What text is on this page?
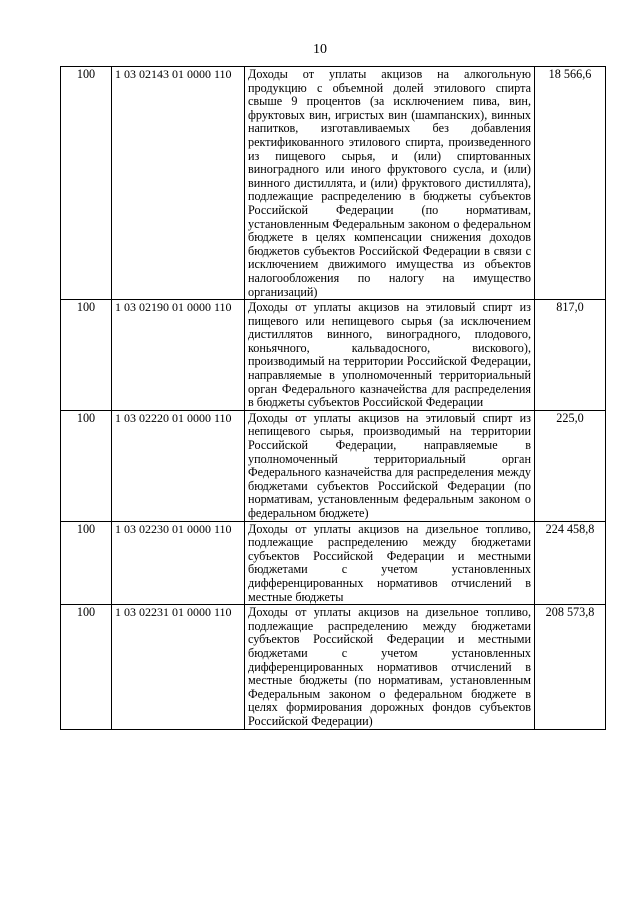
10
100	1 03 02143 01 0000 110	Доходы от уплаты акцизов на алкогольную продукцию с объемной долей этилового спирта свыше 9 процентов (за исключением пива, вин, фруктовых вин, игристых вин (шампанских), винных напитков, изготавливаемых без добавления ректификованного этилового спирта, произведенного из пищевого сырья, и (или) спиртованных виноградного или иного фруктового сусла, и (или) винного дистиллята, и (или) фруктового дистиллята), подлежащие распределению в бюджеты субъектов Российской Федерации (по нормативам, установленным Федеральным законом о федеральном бюджете в целях компенсации снижения доходов бюджетов субъектов Российской Федерации в связи с исключением движимого имущества из объектов налогообложения по налогу на имущество организаций)	18 566,6
100	1 03 02190 01 0000 110	Доходы от уплаты акцизов на этиловый спирт из пищевого или непищевого сырья (за исключением дистиллятов винного, виноградного, плодового, коньячного, кальвадосного, вискового), производимый на территории Российской Федерации, направляемые в уполномоченный территориальный орган Федерального казначейства для распределения в бюджеты субъектов Российской Федерации	817,0
100	1 03 02220 01 0000 110	Доходы от уплаты акцизов на этиловый спирт из непищевого сырья, производимый на территории Российской Федерации, направляемые в уполномоченный территориальный орган Федерального казначейства для распределения между бюджетами субъектов Российской Федерации (по нормативам, установленным федеральным законом о федеральном бюджете)	225,0
100	1 03 02230 01 0000 110	Доходы от уплаты акцизов на дизельное топливо, подлежащие распределению между бюджетами субъектов Российской Федерации и местными бюджетами с учетом установленных дифференцированных нормативов отчислений в местные бюджеты	224 458,8
100	1 03 02231 01 0000 110	Доходы от уплаты акцизов на дизельное топливо, подлежащие распределению между бюджетами субъектов Российской Федерации и местными бюджетами с учетом установленных дифференцированных нормативов отчислений в местные бюджеты (по нормативам, установленным Федеральным законом о федеральном бюджете в целях формирования дорожных фондов субъектов Российской Федерации)	208 573,8
